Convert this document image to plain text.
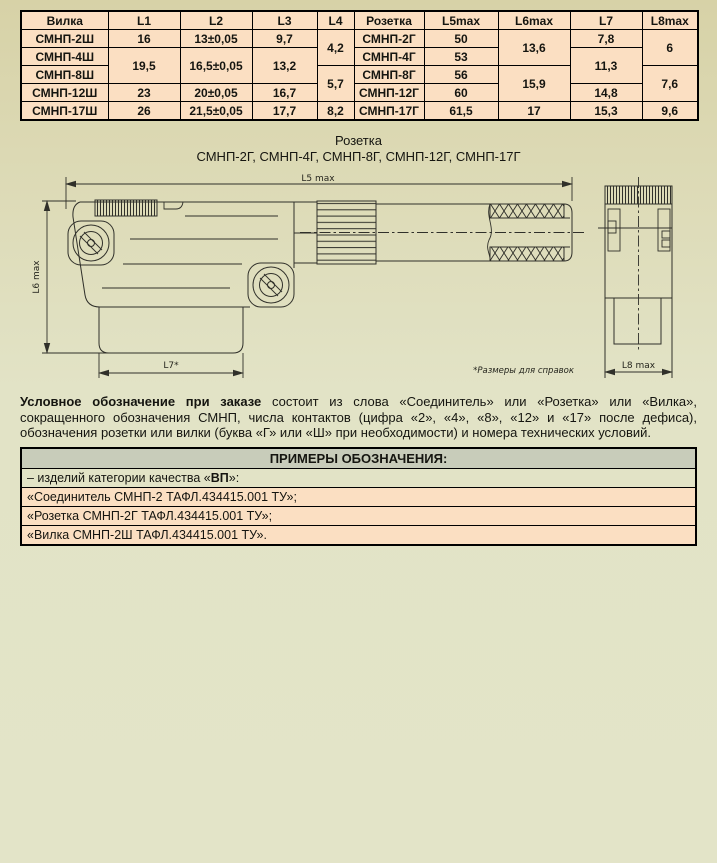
Вилка	L1	L2	L3	L4	Розетка	L5max	L6max	L7	L8max
СМНП-2Ш	16	13±0,05	9,7	4,2	СМНП-2Г	50	13,6	7,8	6
СМНП-4Ш	19,5	16,5±0,05	13,2		СМНП-4Г	53		11,3	
СМНП-8Ш				5,7	СМНП-8Г	56	15,9		7,6
СМНП-12Ш	23	20±0,05	16,7		СМНП-12Г	60		14,8	
СМНП-17Ш	26	21,5±0,05	17,7	8,2	СМНП-17Г	61,5	17	15,3	9,6
Розетка
СМНП-2Г, СМНП-4Г, СМНП-8Г, СМНП-12Г, СМНП-17Г
L5 max
L6 max
L7*	*Размеры для справок	L8 max

Условное обозначение при заказе состоит из слова «Соединитель» или «Розетка» или «Вилка», сокращенного обозначения СМНП, числа контактов (цифра «2», «4», «8», «12» и «17» после дефиса), обозначения розетки или вилки (буква «Г» или «Ш» при необходимости) и номера технических условий.

ПРИМЕРЫ ОБОЗНАЧЕНИЯ:
– изделий категории качества «ВП»:
«Соединитель СМНП-2 ТАФЛ.434415.001 ТУ»;
«Розетка СМНП-2Г ТАФЛ.434415.001 ТУ»;
«Вилка СМНП-2Ш ТАФЛ.434415.001 ТУ».
